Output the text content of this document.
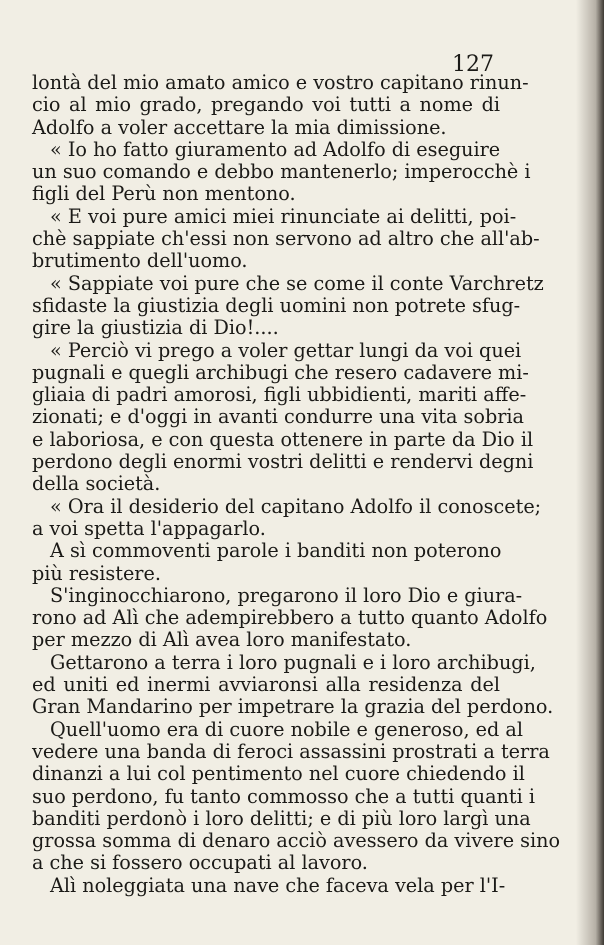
127
lontà del mio amato amico e vostro capitano rinun-
cio al mio grado, pregando voi tutti a nome di
Adolfo a voler accettare la mia dimissione.
« Io ho fatto giuramento ad Adolfo di eseguire
un suo comando e debbo mantenerlo; imperocchè i
figli del Perù non mentono.
« E voi pure amici miei rinunciate ai delitti, poi-
chè sappiate ch'essi non servono ad altro che all'ab-
brutimento dell'uomo.
« Sappiate voi pure che se come il conte Varchretz
sfidaste la giustizia degli uomini non potrete sfug-
gire la giustizia di Dio!....
« Perciò vi prego a voler gettar lungi da voi quei
pugnali e quegli archibugi che resero cadavere mi-
gliaia di padri amorosi, figli ubbidienti, mariti affe-
zionati; e d'oggi in avanti condurre una vita sobria
e laboriosa, e con questa ottenere in parte da Dio il
perdono degli enormi vostri delitti e rendervi degni
della società.
« Ora il desiderio del capitano Adolfo il conoscete;
a voi spetta l'appagarlo.
A sì commoventi parole i banditi non poterono
più resistere.
S'inginocchiarono, pregarono il loro Dio e giura-
rono ad Alì che adempirebbero a tutto quanto Adolfo
per mezzo di Alì avea loro manifestato.
Gettarono a terra i loro pugnali e i loro archibugi,
ed uniti ed inermi avviaronsi alla residenza del
Gran Mandarino per impetrare la grazia del perdono.
Quell'uomo era di cuore nobile e generoso, ed al
vedere una banda di feroci assassini prostrati a terra
dinanzi a lui col pentimento nel cuore chiedendo il
suo perdono, fu tanto commosso che a tutti quanti i
banditi perdonò i loro delitti; e di più loro largì una
grossa somma di denaro acciò avessero da vivere sino
a che si fossero occupati al lavoro.
Alì noleggiata una nave che faceva vela per l'I-
